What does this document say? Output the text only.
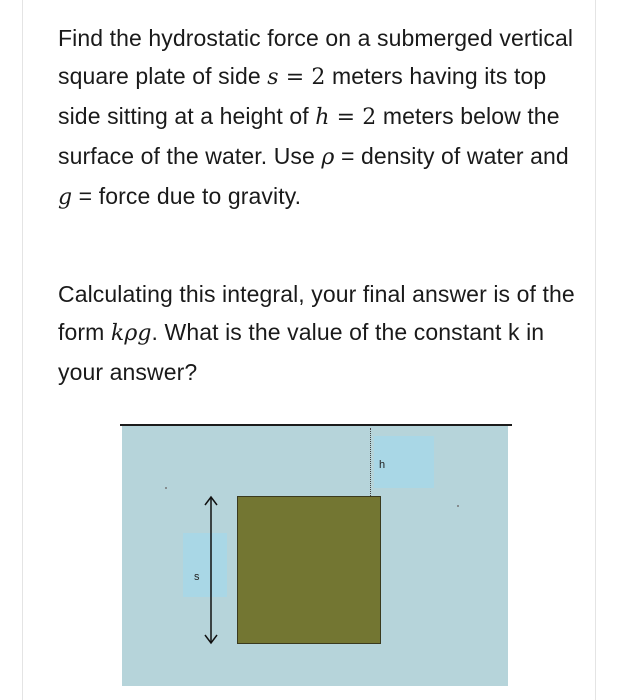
Find the hydrostatic force on a submerged vertical square plate of side s = 2 meters having its top side sitting at a height of h = 2 meters below the surface of the water. Use ρ = density of water and g = force due to gravity.

Calculating this integral, your final answer is of the form kρg. What is the value of the constant k in your answer?

h
s
